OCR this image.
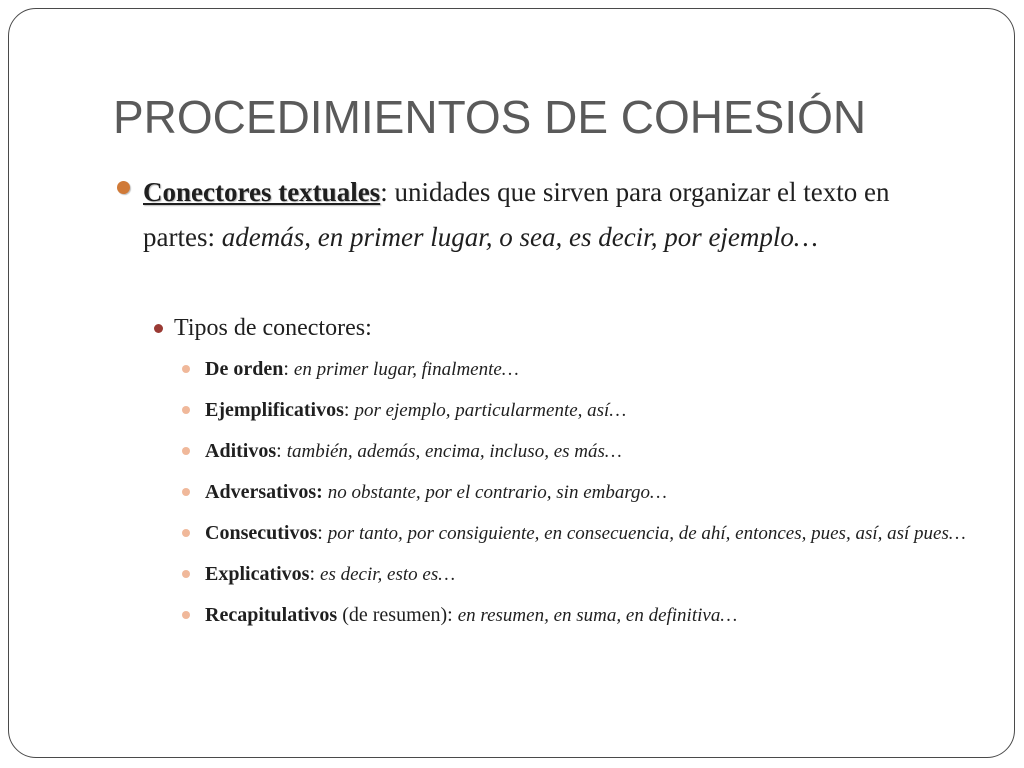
PROCEDIMIENTOS DE COHESIÓN
Conectores textuales: unidades que sirven para organizar el texto en partes: además, en primer lugar, o sea, es decir, por ejemplo…
Tipos de conectores:
De orden: en primer lugar, finalmente…
Ejemplificativos: por ejemplo, particularmente, así…
Aditivos: también, además, encima, incluso, es más…
Adversativos: no obstante, por el contrario, sin embargo…
Consecutivos: por tanto, por consiguiente, en consecuencia, de ahí, entonces, pues, así, así pues…
Explicativos: es decir, esto es…
Recapitulativos (de resumen): en resumen, en suma, en definitiva…
